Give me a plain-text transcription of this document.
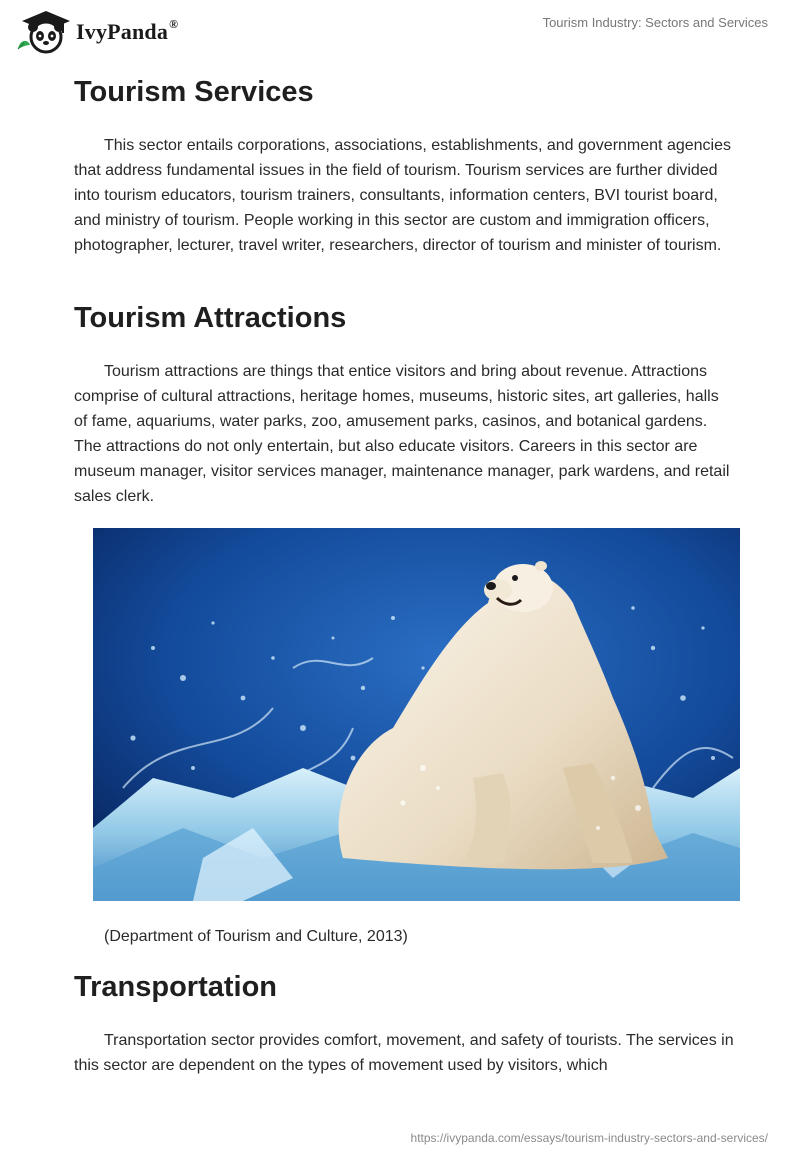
IvyPanda®	Tourism Industry: Sectors and Services
Tourism Services

This sector entails corporations, associations, establishments, and government agencies that address fundamental issues in the field of tourism. Tourism services are further divided into tourism educators, tourism trainers, consultants, information centers, BVI tourist board, and ministry of tourism. People working in this sector are custom and immigration officers, photographer, lecturer, travel writer, researchers, director of tourism and minister of tourism.

Tourism Attractions

Tourism attractions are things that entice visitors and bring about revenue. Attractions comprise of cultural attractions, heritage homes, museums, historic sites, art galleries, halls of fame, aquariums, water parks, zoo, amusement parks, casinos, and botanical gardens. The attractions do not only entertain, but also educate visitors. Careers in this sector are museum manager, visitor services manager, maintenance manager, park wardens, and retail sales clerk.

(Department of Tourism and Culture, 2013)
Transportation

Transportation sector provides comfort, movement, and safety of tourists. The services in this sector are dependent on the types of movement used by visitors, which

https://ivypanda.com/essays/tourism-industry-sectors-and-services/
